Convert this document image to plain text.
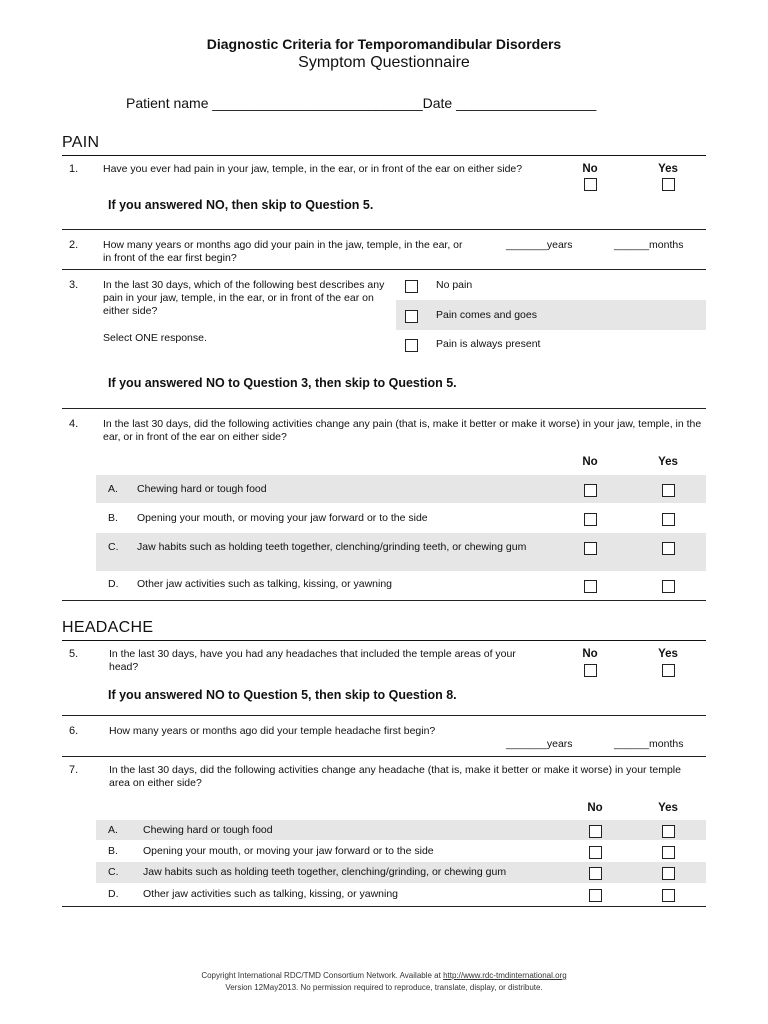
Diagnostic Criteria for Temporomandibular Disorders
Symptom Questionnaire
Patient name ___________________________Date __________________
PAIN
1. Have you ever had pain in your jaw, temple, in the ear, or in front of the ear on either side?	No	Yes
If you answered NO, then skip to Question 5.
2. How many years or months ago did your pain in the jaw, temple, in the ear, or in front of the ear first begin?
_______years	______months
3. In the last 30 days, which of the following best describes any pain in your jaw, temple, in the ear, or in front of the ear on either side?
Select ONE response.
No pain
Pain comes and goes
Pain is always present
If you answered NO to Question 3, then skip to Question 5.
4. In the last 30 days, did the following activities change any pain (that is, make it better or make it worse) in your jaw, temple, in the ear, or in front of the ear on either side?
No	Yes
A. Chewing hard or tough food
B. Opening your mouth, or moving your jaw forward or to the side
C. Jaw habits such as holding teeth together, clenching/grinding teeth, or chewing gum
D. Other jaw activities such as talking, kissing, or yawning
HEADACHE
5.	In the last 30 days, have you had any headaches that included the temple areas of your head?
No	Yes
If you answered NO to Question 5, then skip to Question 8.
6.	How many years or months ago did your temple headache first begin?
_______years	______months
7.	In the last 30 days, did the following activities change any headache (that is, make it better or make it worse) in your temple area on either side?
No	Yes
A. Chewing hard or tough food
B. Opening your mouth, or moving your jaw forward or to the side
C. Jaw habits such as holding teeth together, clenching/grinding, or chewing gum
D. Other jaw activities such as talking, kissing, or yawning
Copyright International RDC/TMD Consortium Network. Available at http://www.rdc-tmdinternational.org
Version 12May2013. No permission required to reproduce, translate, display, or distribute.
